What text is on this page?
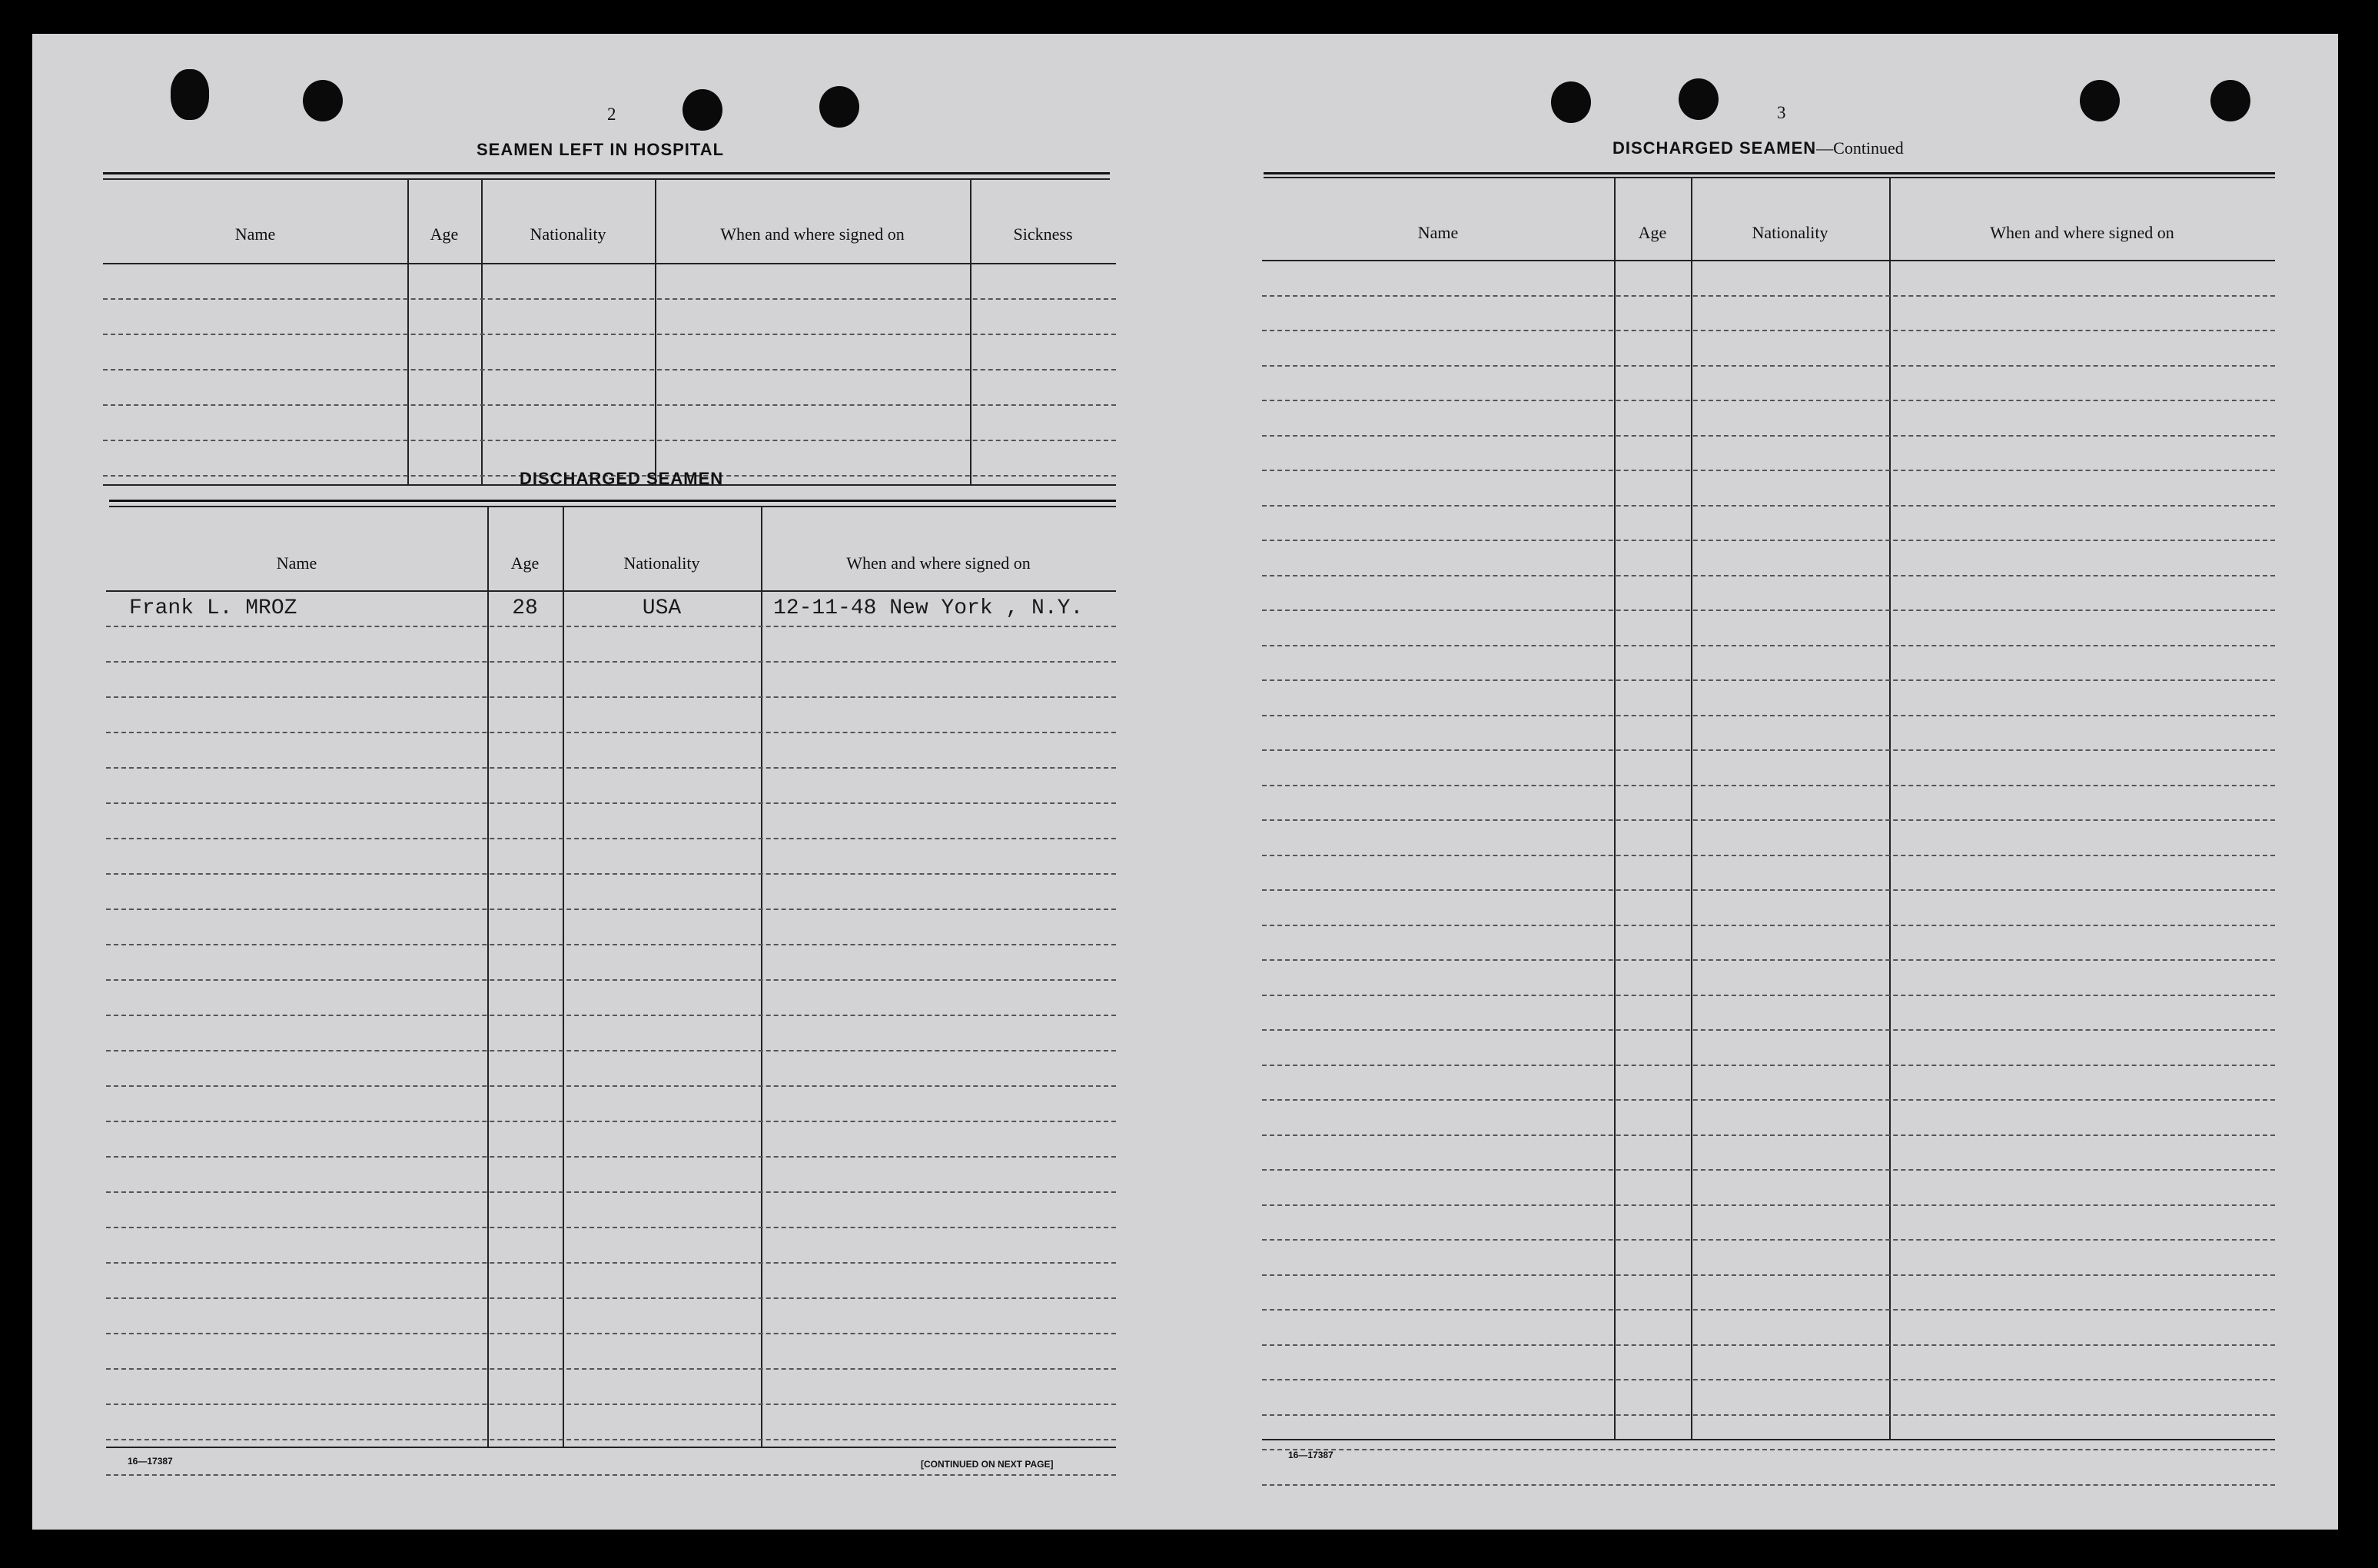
2
SEAMEN LEFT IN HOSPITAL
Name	Age	Nationality	When and where signed on	Sickness
DISCHARGED SEAMEN
Name	Age	Nationality	When and where signed on
Frank L. MROZ	28	USA	12-11-48 New York , N.Y.
16—17387	[CONTINUED ON NEXT PAGE]
3
DISCHARGED SEAMEN—Continued
Name	Age	Nationality	When and where signed on
16—17387
